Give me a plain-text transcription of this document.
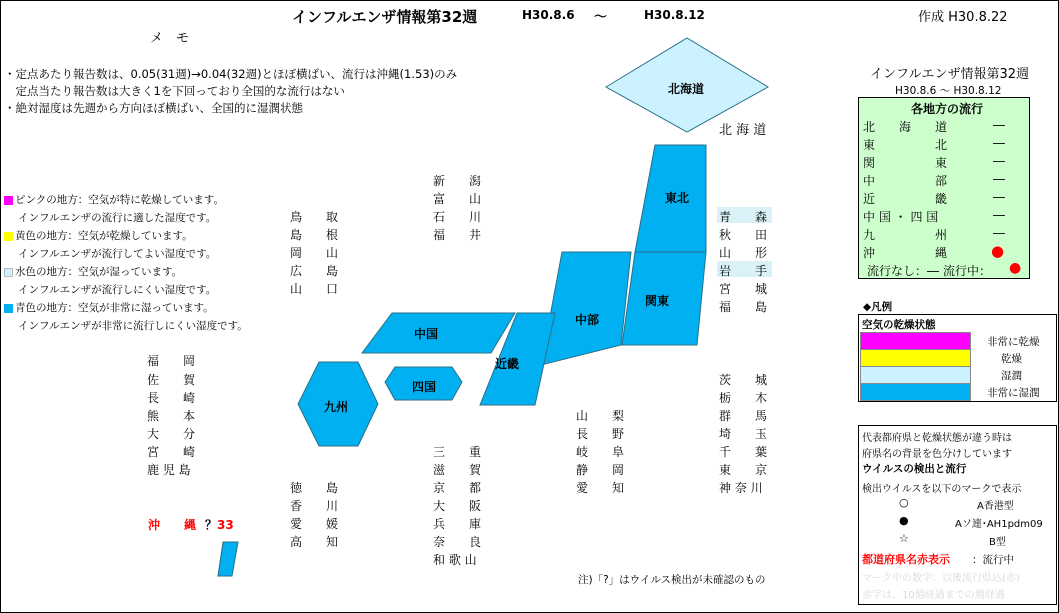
インフルエンザ情報第32週	H30.8.6 ～	H30.8.12	作成 H30.8.22
メ　モ
・定点あたり報告数は、0.05(31週)→0.04(32週)とほぼ横ばい、流行は沖縄(1.53)のみ
　定点当たり報告数は大きく1を下回っており全国的な流行はない
・絶対湿度は先週から方向ほぼ横ばい、全国的に湿潤状態
ピンクの地方：空気が特に乾燥しています。
インフルエンザの流行に適した湿度です。
黄色の地方：空気が乾燥しています。
インフルエンザが流行してよい湿度です。
水色の地方：空気が湿っています。
インフルエンザが流行しにくい湿度です。
青色の地方：空気が非常に湿っています。
インフルエンザが非常に流行しにくい湿度です。
北海道
東北
関東
中部
近畿
中国
四国
九州
北 海 道
青　　森
秋　　田
山　　形
岩　　手
宮　　城
福　　島
茨　　城
栃　　木
群　　馬
埼　　玉
千　　葉
東　　京
神 奈 川
山　　梨
長　　野
岐　　阜
静　　岡
愛　　知
新　　潟
富　　山
石　　川
福　　井
三　　重
滋　　賀
京　　都
大　　阪
兵　　庫
奈　　良
和 歌 山
鳥　　取
島　　根
岡　　山
広　　島
山　　口
徳　　島
香　　川
愛　　媛
高　　知
福　　岡
佐　　賀
長　　崎
熊　　本
大　　分
宮　　崎
鹿 児 島
沖　　縄 ？33
注)「?」はウイルス検出が未確認のもの
インフルエンザ情報第32週
H30.8.6 ～ H30.8.12
各地方の流行
北　　海　　道	―
東　　　　　北	―
関　　　　　東	―
中　　　　　部	―
近　　　　　畿	―
中 国 ・ 四 国	―
九　　　　　州	―
沖　　　　　縄	●
流行なし：― 流行中： ●
◆凡例
空気の乾燥状態
非常に乾燥
乾燥
湿潤
非常に湿潤
代表都府県と乾燥状態が違う時は
府県名の背景を色分けしています
ウイルスの検出と流行
検出ウイルスを以下のマークで表示
○	A香港型
●	Aソ連･AH1pdm09
☆	B型
都道府県名赤表示 ：流行中
マーク中の数字：以後流行県込(赤)
赤字は、10週経過までの週経過
